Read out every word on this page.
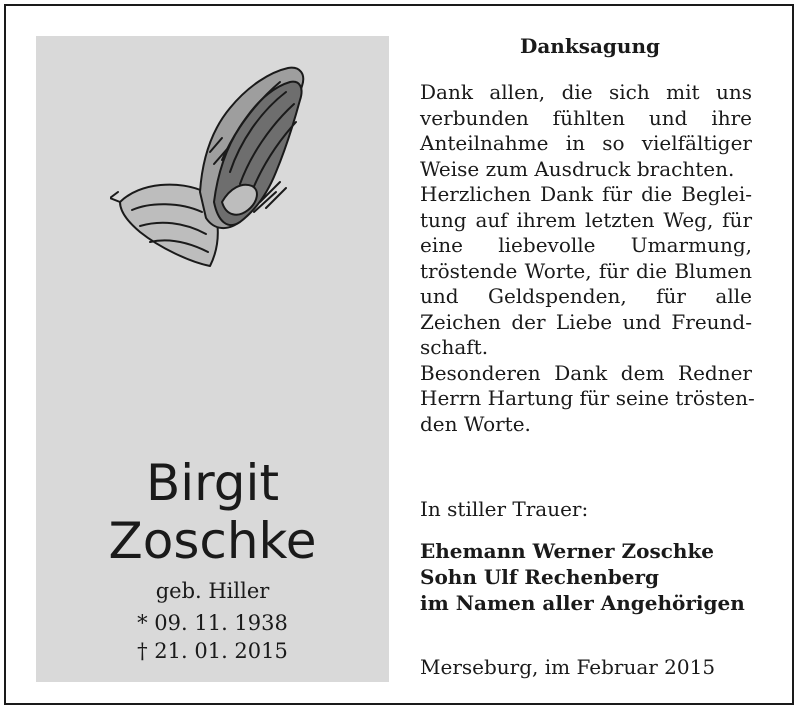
Birgit
Zoschke
geb. Hiller
* 09. 11. 1938
† 21. 01. 2015
Danksagung
Dank allen, die sich mit uns
verbunden fühlten und ihre
Anteilnahme in so vielfältiger
Weise zum Ausdruck brachten.
Herzlichen Dank für die Beglei-
tung auf ihrem letzten Weg, für
eine liebevolle Umarmung,
tröstende Worte, für die Blumen
und Geldspenden, für alle
Zeichen der Liebe und Freund-
schaft.
Besonderen Dank dem Redner
Herrn Hartung für seine trösten-
den Worte.
In stiller Trauer:
Ehemann Werner Zoschke
Sohn Ulf Rechenberg
im Namen aller Angehörigen
Merseburg, im Februar 2015
